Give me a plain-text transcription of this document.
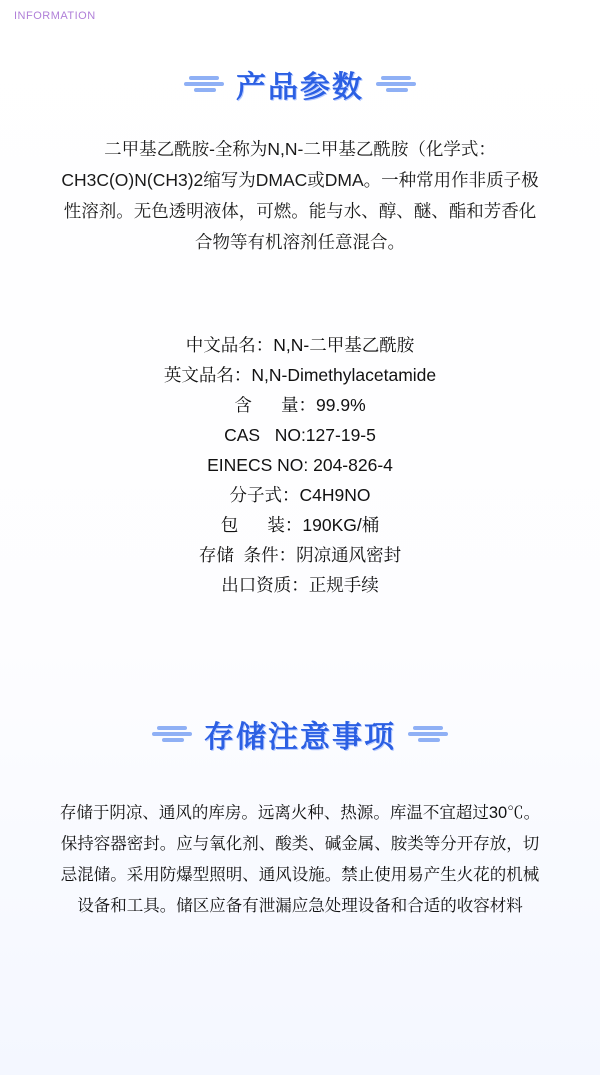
INFORMATION
产品参数
二甲基乙酰胺-全称为N,N-二甲基乙酰胺（化学式：CH3C(O)N(CH3)2缩写为DMAC或DMA。一种常用作非质子极性溶剂。无色透明液体，可燃。能与水、醇、醚、酯和芳香化合物等有机溶剂任意混合。
中文品名：N,N-二甲基乙酰胺
英文品名：N,N-Dimethylacetamide
含      量：99.9%
CAS   NO:127-19-5
EINECS NO: 204-826-4
分子式：C4H9NO
包      装：190KG/桶
存储  条件：阴凉通风密封
出口资质：正规手续
存储注意事项
存储于阴凉、通风的库房。远离火种、热源。库温不宜超过30℃。保持容器密封。应与氧化剂、酸类、碱金属、胺类等分开存放，切忌混储。采用防爆型照明、通风设施。禁止使用易产生火花的机械设备和工具。储区应备有泄漏应急处理设备和合适的收容材料
